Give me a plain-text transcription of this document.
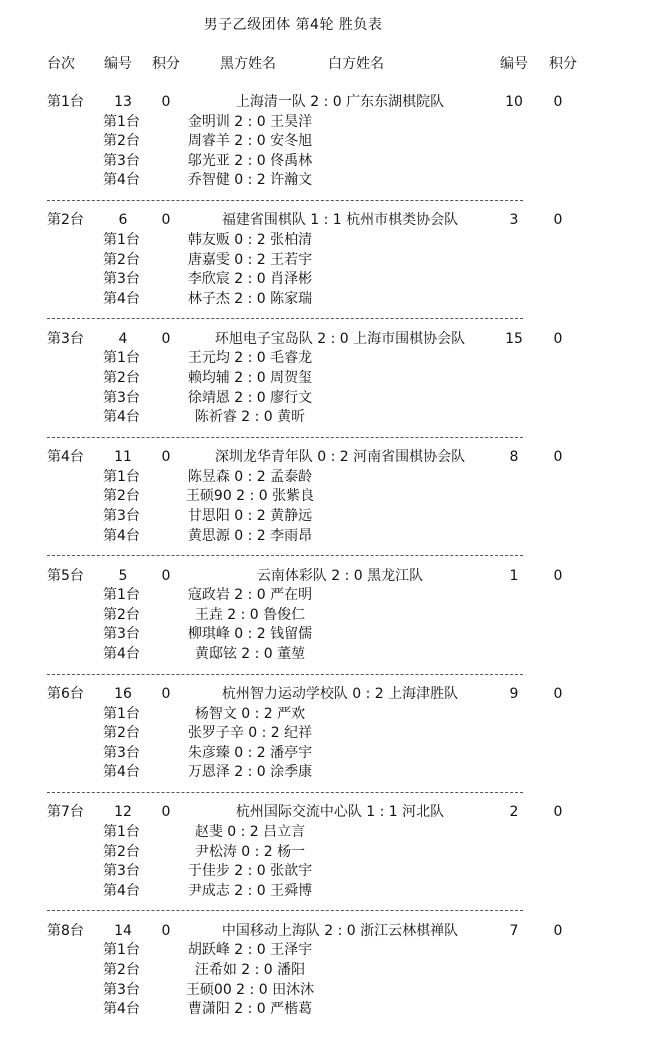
男子乙级团体 第4轮 胜负表
台次 编号 积分	黑方姓名	白方姓名	编号 积分
第1台	13	0	上海清一队 2 : 0 广东东湖棋院队	10	0
第1台	金明训 2 : 0 王昊洋
第2台	周睿羊 2 : 0 安冬旭
第3台	邬光亚 2 : 0 佟禹林
第4台	乔智健 0 : 2 许瀚文
第2台	6	0	福建省围棋队 1 : 1 杭州市棋类协会队	3	0
第1台	韩友贩 0 : 2 张柏清
第2台	唐嘉雯 0 : 2 王若宇
第3台	李欣宸 2 : 0 肖泽彬
第4台	林子杰 2 : 0 陈家瑞
第3台	4	0	环旭电子宝岛队 2 : 0 上海市围棋协会队	15	0
第1台	王元均 2 : 0 毛睿龙
第2台	赖均辅 2 : 0 周贺玺
第3台	徐靖恩 2 : 0 廖行文
第4台	陈祈睿 2 : 0 黄昕
第4台	11	0	深圳龙华青年队 0 : 2 河南省围棋协会队	8	0
第1台	陈昱森 0 : 2 孟泰龄
第2台	王硕90 2 : 0 张紫良
第3台	甘思阳 0 : 2 黄静远
第4台	黄思源 0 : 2 李雨昂
第5台	5	0	云南体彩队 2 : 0 黑龙江队	1	0
第1台	寇政岩 2 : 0 严在明
第2台	王垚 2 : 0 鲁俊仁
第3台	柳琪峰 0 : 2 钱留儒
第4台	黄邸铉 2 : 0 董堃
第6台	16	0	杭州智力运动学校队 0 : 2 上海津胜队	9	0
第1台	杨智文 0 : 2 严欢
第2台	张罗子辛 0 : 2 纪祥
第3台	朱彦臻 0 : 2 潘亭宇
第4台	万恩泽 2 : 0 涂季康
第7台	12	0	杭州国际交流中心队 1 : 1 河北队	2	0
第1台	赵斐 0 : 2 吕立言
第2台	尹松涛 0 : 2 杨一
第3台	于佳步 2 : 0 张歆宇
第4台	尹成志 2 : 0 王舜博
第8台	14	0	中国移动上海队 2 : 0 浙江云林棋禅队	7	0
第1台	胡跃峰 2 : 0 王泽宇
第2台	汪希如 2 : 0 潘阳
第3台	王硕00 2 : 0 田沐沐
第4台	曹潇阳 2 : 0 严楷葛
